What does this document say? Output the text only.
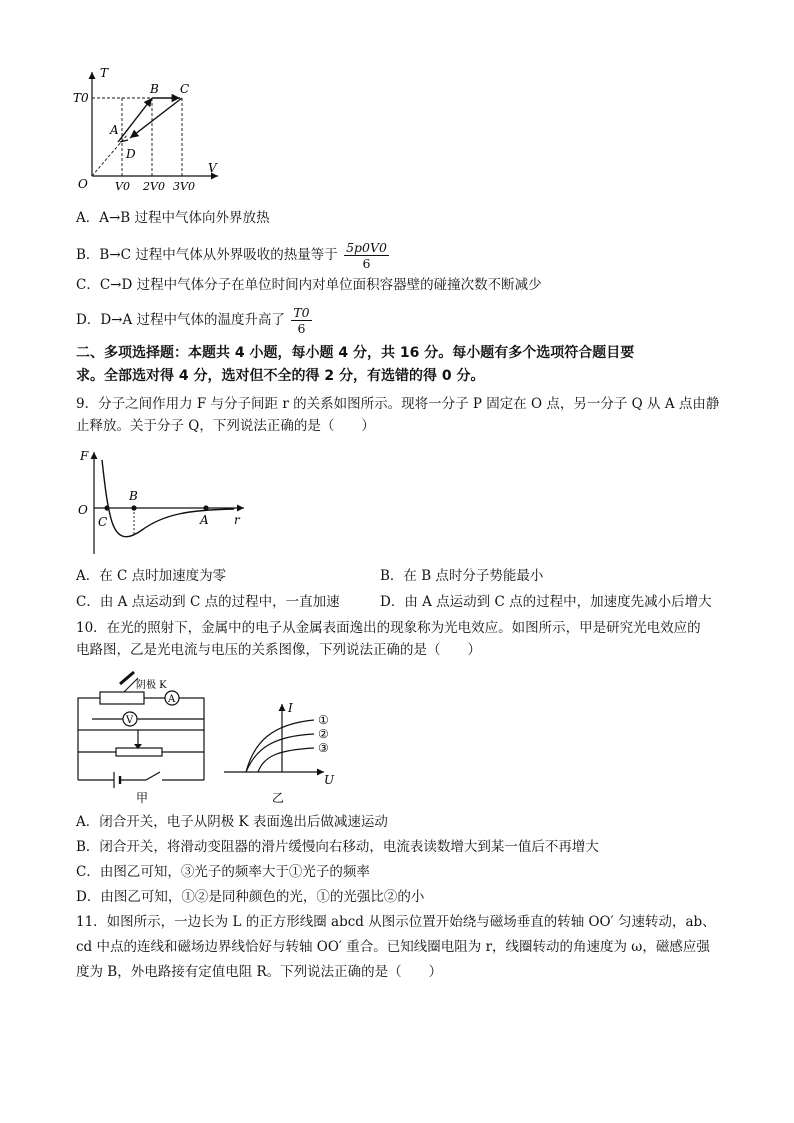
T
V
O
T0
A
B C
D
V0 2V0 3V0
A．A→B 过程中气体向外界放热
B．B→C 过程中气体从外界吸收的热量等于 $\frac{5p0V0}{6}$
C．C→D 过程中气体分子在单位时间内对单位面积容器壁的碰撞次数不断减少
D．D→A 过程中气体的温度升高了 $\frac{T0}{6}$
二、多项选择题：本题共 4 小题，每小题 4 分，共 16 分。每小题有多个选项符合题目要
求。全部选对得 4 分，选对但不全的得 2 分，有选错的得 0 分。
9．分子之间作用力 F 与分子间距 r 的关系如图所示。现将一分子 P 固定在 O 点，另一分子 Q 从 A 点由静
止释放。关于分子 Q，下列说法正确的是（　　）
F
O
C
B
A r
A．在 C 点时加速度为零	B．在 B 点时分子势能最小
C．由 A 点运动到 C 点的过程中，一直加速	D．由 A 点运动到 C 点的过程中，加速度先减小后增大
10．在光的照射下，金属中的电子从金属表面逸出的现象称为光电效应。如图所示，甲是研究光电效应的
电路图，乙是光电流与电压的关系图像，下列说法正确的是（　　）
A
阴极 K
V
甲
I
U
①
②
③
乙
A．闭合开关，电子从阴极 K 表面逸出后做减速运动
B．闭合开关，将滑动变阻器的滑片缓慢向右移动，电流表读数增大到某一值后不再增大
C．由图乙可知，③光子的频率大于①光子的频率
D．由图乙可知，①②是同种颜色的光，①的光强比②的小
11．如图所示，一边长为 L 的正方形线圈 abcd 从图示位置开始绕与磁场垂直的转轴 OO′ 匀速转动，ab、
cd 中点的连线和磁场边界线恰好与转轴 OO′ 重合。已知线圈电阻为 r，线圈转动的角速度为 ω，磁感应强
度为 B，外电路接有定值电阻 R。下列说法正确的是（　　）
